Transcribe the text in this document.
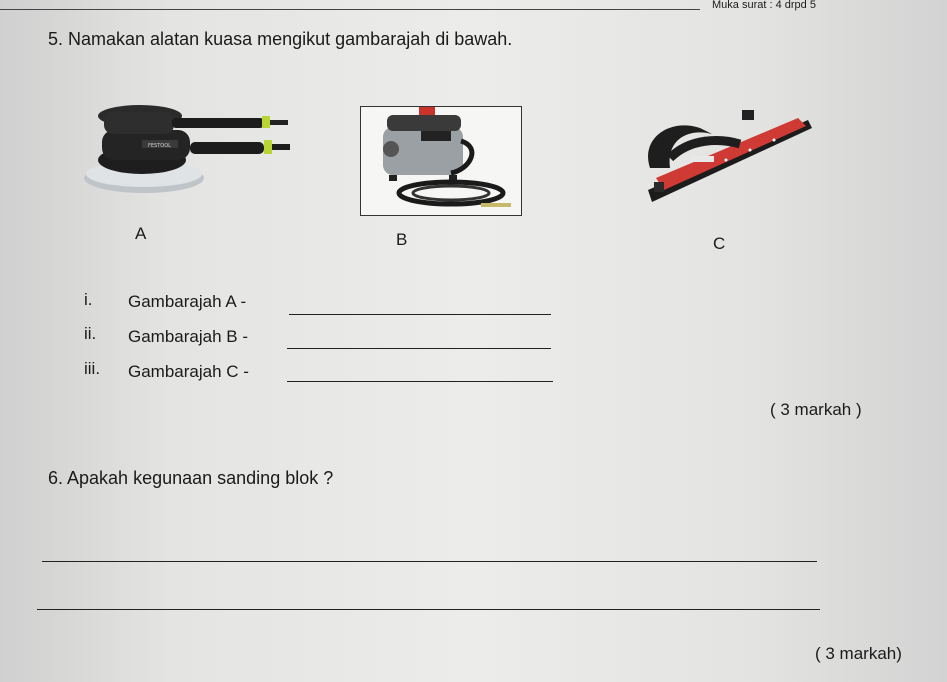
Muka surat : 4 drpd 5
5. Namakan alatan kuasa mengikut gambarajah di bawah.
FESTOOL
A	B	C
i. Gambarajah A -
ii. Gambarajah B -
iii. Gambarajah C -
( 3 markah )
6. Apakah kegunaan sanding blok ?
( 3 markah)
